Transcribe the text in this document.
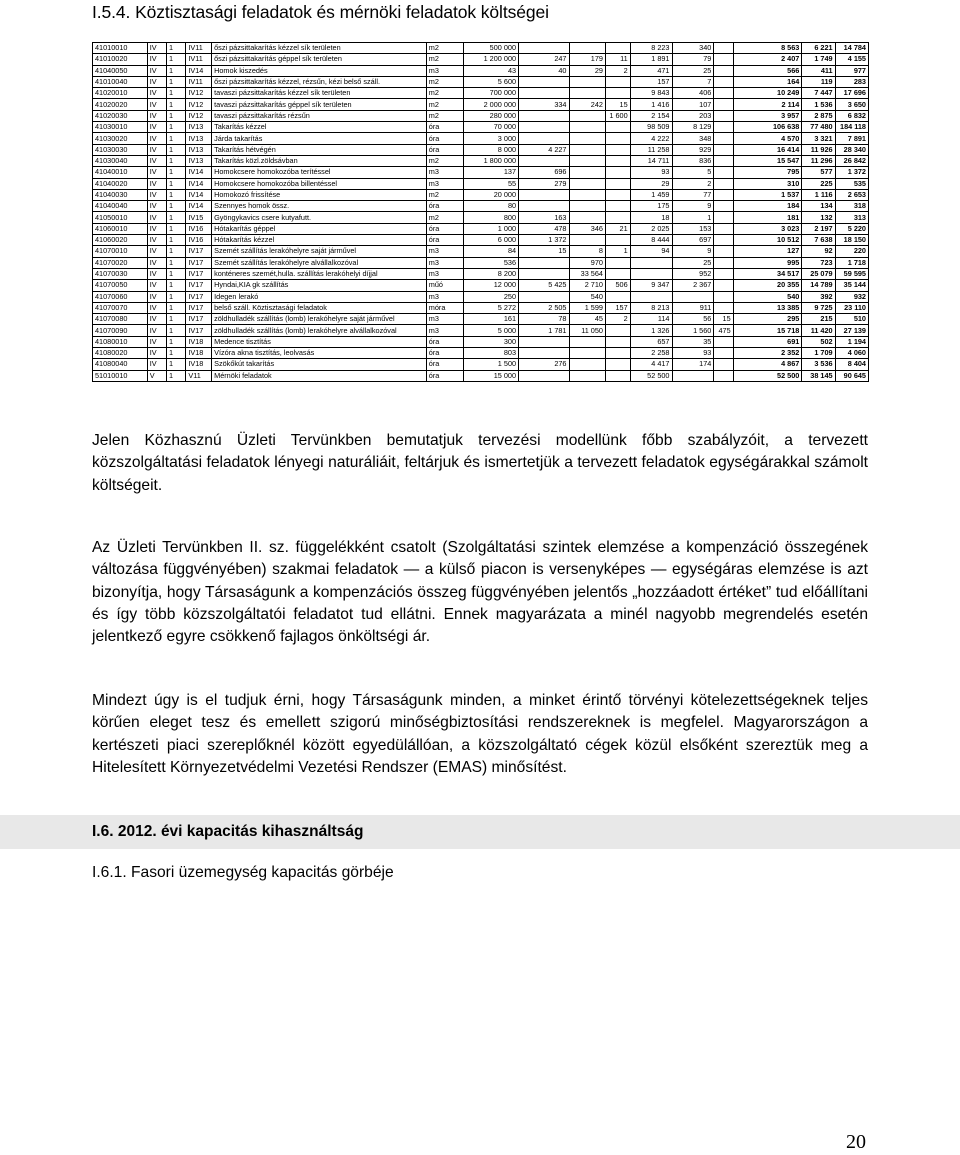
I.5.4. Köztisztasági feladatok és mérnöki feladatok költségei
41010010	IV	1	IV11	őszi pázsittakarítás kézzel sík területen	m2	500 000				8 223	340		8 563	6 221	14 784
41010020	IV	1	IV11	őszi pázsittakarítás géppel sík területen	m2	1 200 000	247	179	11	1 891	79		2 407	1 749	4 155
41040050	IV	1	IV14	Homok kiszedés	m3	43	40	29	2	471	25		566	411	977
41010040	IV	1	IV11	őszi pázsittakarítás kézzel, rézsűn, kézi belső száll.	m2	5 600				157	7		164	119	283
41020010	IV	1	IV12	tavaszi pázsittakarítás kézzel sík területen	m2	700 000				9 843	406		10 249	7 447	17 696
41020020	IV	1	IV12	tavaszi pázsittakarítás géppel sík területen	m2	2 000 000	334	242	15	1 416	107		2 114	1 536	3 650
41020030	IV	1	IV12	tavaszi pázsittakarítás rézsűn	m2	280 000			1 600	2 154	203		3 957	2 875	6 832
41030010	IV	1	IV13	Takarítás kézzel	óra	70 000				98 509	8 129		106 638	77 480	184 118
41030020	IV	1	IV13	Járda takarítás	óra	3 000				4 222	348		4 570	3 321	7 891
41030030	IV	1	IV13	Takarítás hétvégén	óra	8 000	4 227			11 258	929		16 414	11 926	28 340
41030040	IV	1	IV13	Takarítás közl.zöldsávban	m2	1 800 000				14 711	836		15 547	11 296	26 842
41040010	IV	1	IV14	Homokcsere homokozóba terítéssel	m3	137	696			93	5		795	577	1 372
41040020	IV	1	IV14	Homokcsere homokozóba billentéssel	m3	55	279			29	2		310	225	535
41040030	IV	1	IV14	Homokozó frissítése	m2	20 000				1 459	77		1 537	1 116	2 653
41040040	IV	1	IV14	Szennyes homok össz.	óra	80				175	9		184	134	318
41050010	IV	1	IV15	Gyöngykavics csere kutyafutt.	m2	800	163			18	1		181	132	313
41060010	IV	1	IV16	Hótakarítás géppel	óra	1 000	478	346	21	2 025	153		3 023	2 197	5 220
41060020	IV	1	IV16	Hótakarítás kézzel	óra	6 000	1 372			8 444	697		10 512	7 638	18 150
41070010	IV	1	IV17	Szemét szállítás lerakóhelyre saját járművel	m3	84	15	8	1	94	9		127	92	220
41070020	IV	1	IV17	Szemét szállítás lerakóhelyre alvállalkozóval	m3	536		970			25		995	723	1 718
41070030	IV	1	IV17	konténeres szemét,hulla. szállítás lerakóhelyi díjjal	m3	8 200		33 564			952		34 517	25 079	59 595
41070050	IV	1	IV17	Hyndai,KIA gk szállítás	műó	12 000	5 425	2 710	506	9 347	2 367		20 355	14 789	35 144
41070060	IV	1	IV17	Idegen lerakó	m3	250		540					540	392	932
41070070	IV	1	IV17	belső száll. Köztisztasági feladatok	móra	5 272	2 505	1 599	157	8 213	911		13 385	9 725	23 110
41070080	IV	1	IV17	zöldhulladék szállítás (lomb) lerakóhelyre saját járművel	m3	161	78	45	2	114	56	15	295	215	510
41070090	IV	1	IV17	zöldhulladék szállítás (lomb) lerakóhelyre alvállalkozóval	m3	5 000	1 781	11 050		1 326	1 560	475	15 718	11 420	27 139
41080010	IV	1	IV18	Medence tisztítás	óra	300				657	35		691	502	1 194
41080020	IV	1	IV18	Vízóra akna tisztítás, leolvasás	óra	803				2 258	93		2 352	1 709	4 060
41080040	IV	1	IV18	Szökőkút takarítás	óra	1 500	276			4 417	174		4 867	3 536	8 404
51010010	V	1	V11	Mérnöki feladatok	óra	15 000				52 500			52 500	38 145	90 645
Jelen Közhasznú Üzleti Tervünkben bemutatjuk tervezési modellünk főbb szabályzóit, a tervezett közszolgáltatási feladatok lényegi naturáliáit, feltárjuk és ismertetjük a tervezett feladatok egységárakkal számolt költségeit.
Az Üzleti Tervünkben II. sz. függelékként csatolt (Szolgáltatási szintek elemzése a kompenzáció összegének változása függvényében) szakmai feladatok — a külső piacon is versenyképes — egységáras elemzése is azt bizonyítja, hogy Társaságunk a kompenzációs összeg függvényében jelentős „hozzáadott értéket” tud előállítani és így több közszolgáltatói feladatot tud ellátni. Ennek magyarázata a minél nagyobb megrendelés esetén jelentkező egyre csökkenő fajlagos önköltségi ár.
Mindezt úgy is el tudjuk érni, hogy Társaságunk minden, a minket érintő törvényi kötelezettségeknek teljes körűen eleget tesz és emellett szigorú minőségbiztosítási rendszereknek is megfelel. Magyarországon a kertészeti piaci szereplőknél között egyedülállóan, a közszolgáltató cégek közül elsőként szereztük meg a Hitelesített Környezetvédelmi Vezetési Rendszer (EMAS) minősítést.
I.6. 2012. évi kapacitás kihasználtság
I.6.1. Fasori üzemegység kapacitás görbéje
20
